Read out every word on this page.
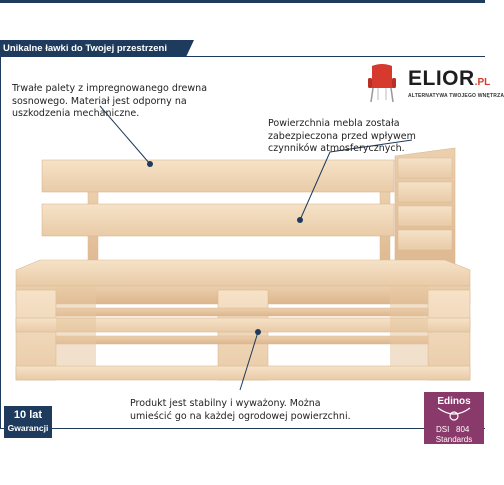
Unikalne ławki do Twojej przestrzeni
ELIOR.PL
ALTERNATYWA TWOJEGO WNĘTRZA
Trwałe palety z impregnowanego drewna
sosnowego. Materiał jest odporny na
uszkodzenia mechaniczne.
Powierzchnia mebla została
zabezpieczona przed wpływem
czynników atmosferycznych.
Produkt jest stabilny i wyważony. Można
umieścić go na każdej ogrodowej powierzchni.
10 lat
Gwarancji
Edinos
DSI 804
Standards
